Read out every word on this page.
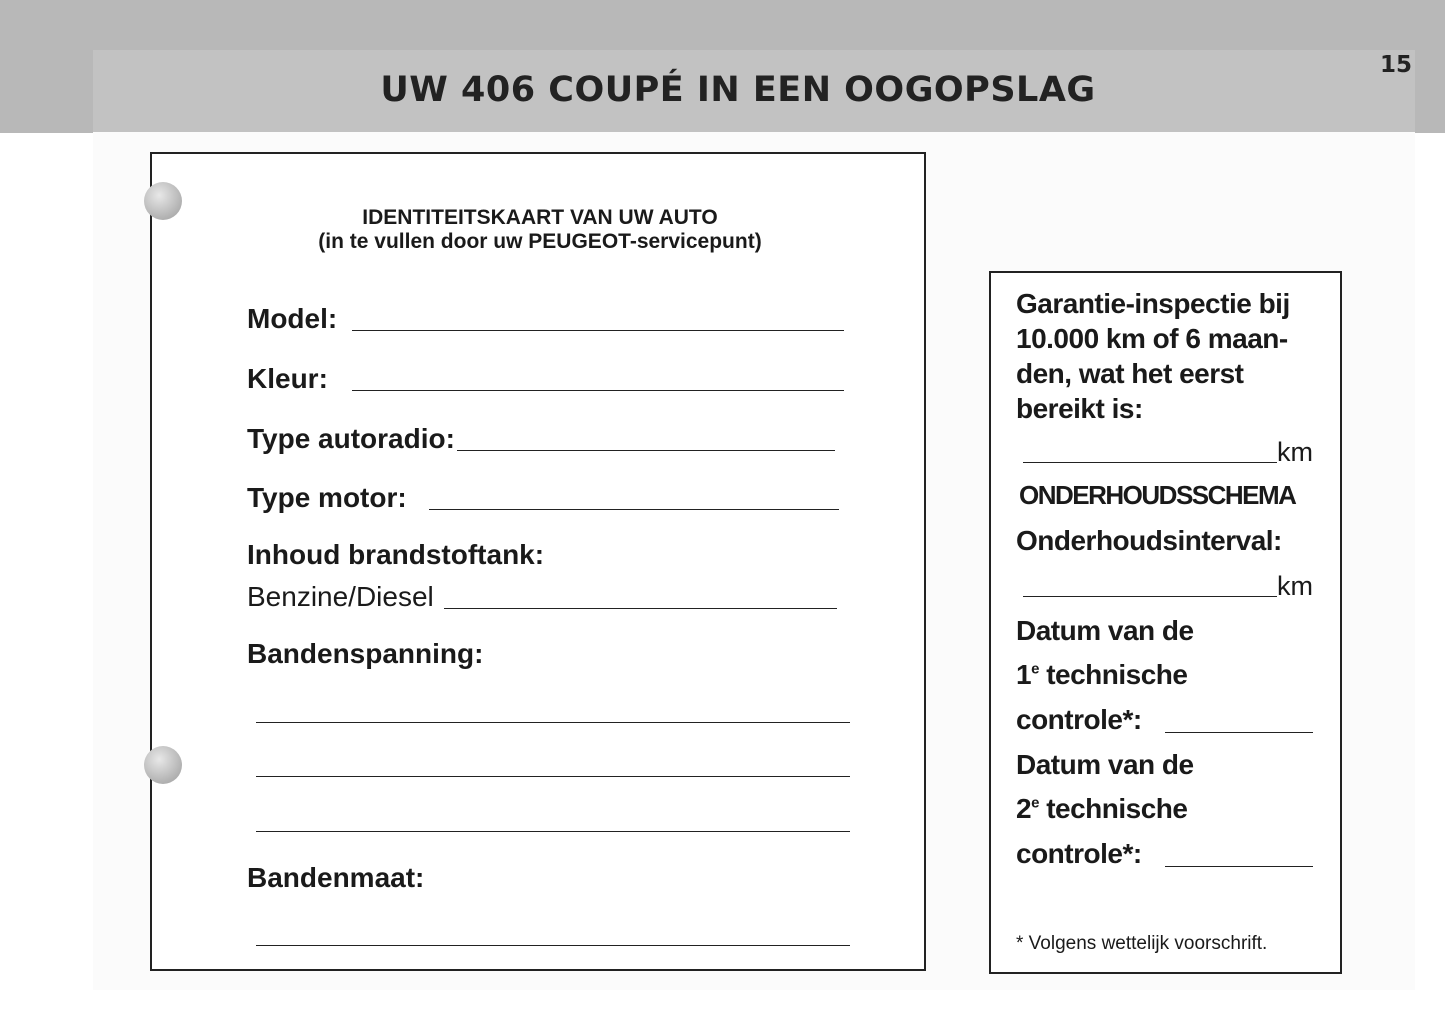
UW 406 COUPÉ IN EEN OOGOPSLAG
15
IDENTITEITSKAART VAN UW AUTO
(in te vullen door uw PEUGEOT-servicepunt)
Model:
Kleur:
Type autoradio:
Type motor:
Inhoud brandstoftank:
Benzine/Diesel
Bandenspanning:
Bandenmaat:
Garantie-inspectie bij
10.000 km of 6 maan-
den, wat het eerst
bereikt is:
km
ONDERHOUDSSCHEMA
Onderhoudsinterval:
km
Datum van de
1e technische
controle*:
Datum van de
2e technische
controle*:
* Volgens wettelijk voorschrift.
